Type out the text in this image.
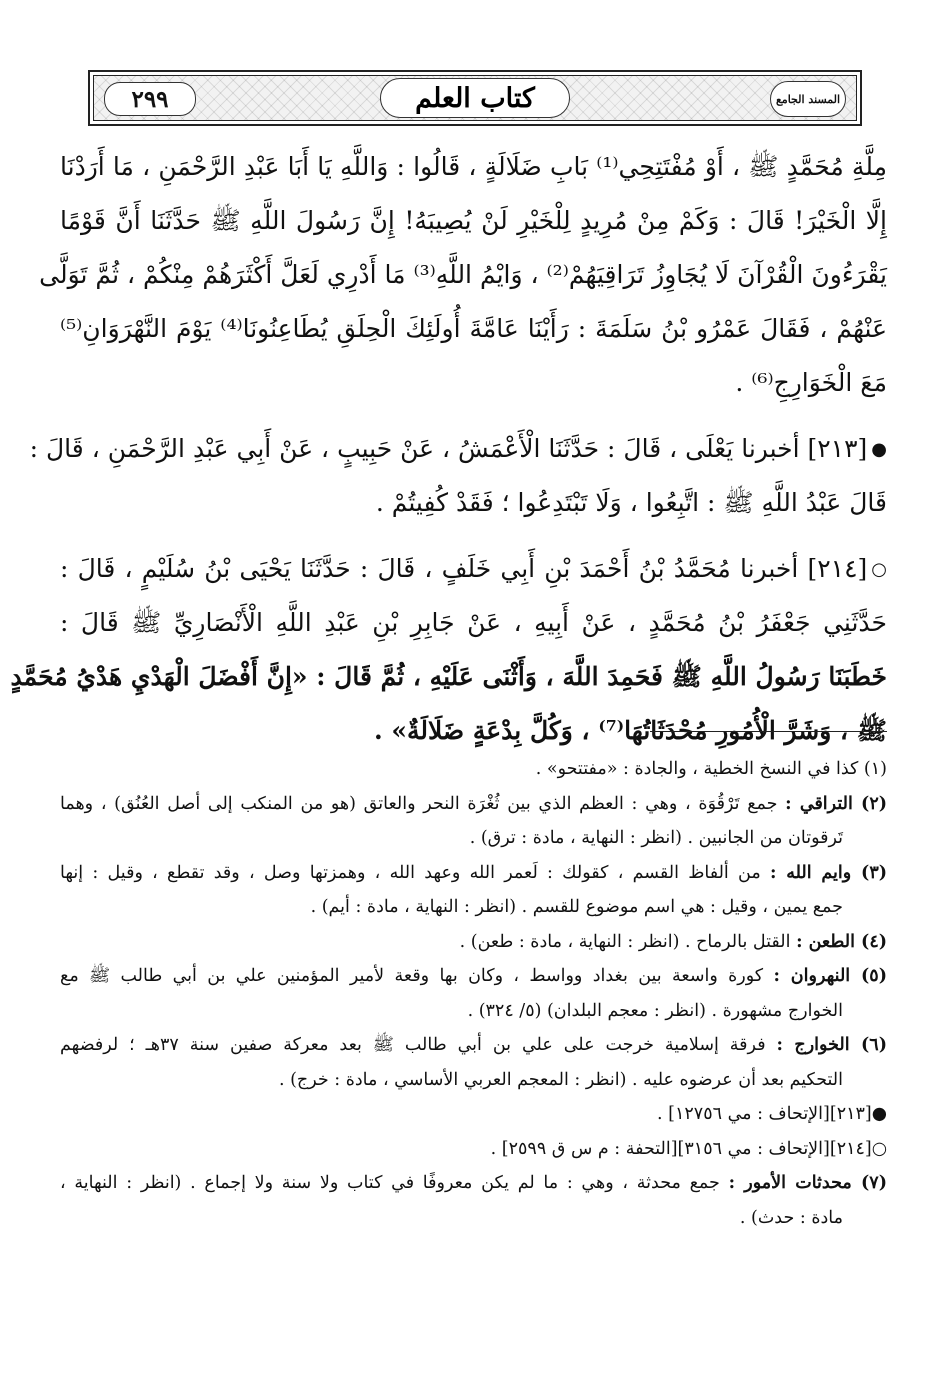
المسند الجامع
كتاب العلم
٢٩٩
مِلَّةِ مُحَمَّدٍ ﷺ ، أَوْ مُفْتَتِحِي⁽¹⁾ بَابِ ضَلَالَةٍ ، قَالُوا : وَاللَّهِ يَا أَبَا عَبْدِ الرَّحْمَنِ ، مَا أَرَدْنَا
إِلَّا الْخَيْرَ! قَالَ : وَكَمْ مِنْ مُرِيدٍ لِلْخَيْرِ لَنْ يُصِيبَهُ! إِنَّ رَسُولَ اللَّهِ ﷺ حَدَّثَنَا أَنَّ قَوْمًا
يَقْرَءُونَ الْقُرْآنَ لَا يُجَاوِزُ تَرَاقِيَهُمْ⁽²⁾ ، وَايْمُ اللَّهِ⁽³⁾ مَا أَدْرِي لَعَلَّ أَكْثَرَهُمْ مِنْكُمْ ، ثُمَّ تَوَلَّى
عَنْهُمْ ، فَقَالَ عَمْرُو بْنُ سَلَمَةَ : رَأَيْنَا عَامَّةَ أُولَئِكَ الْحِلَقِ يُطَاعِنُونَا⁽⁴⁾ يَوْمَ النَّهْرَوَانِ⁽⁵⁾
مَعَ الْخَوَارِجِ⁽⁶⁾ .
●
[٢١٣] أخبرنا يَعْلَى ، قَالَ : حَدَّثَنَا الْأَعْمَشُ ، عَنْ حَبِيبٍ ، عَنْ أَبِي عَبْدِ الرَّحْمَنِ ، قَالَ :
قَالَ عَبْدُ اللَّهِ ﷺ : اتَّبِعُوا ، وَلَا تَبْتَدِعُوا ؛ فَقَدْ كُفِيتُمْ .
○
[٢١٤] أخبرنا مُحَمَّدُ بْنُ أَحْمَدَ بْنِ أَبِي خَلَفٍ ، قَالَ : حَدَّثَنَا يَحْيَى بْنُ سُلَيْمٍ ، قَالَ :
حَدَّثَنِي جَعْفَرُ بْنُ مُحَمَّدٍ ، عَنْ أَبِيهِ ، عَنْ جَابِرِ بْنِ عَبْدِ اللَّهِ الْأَنْصَارِيِّ ﷺ قَالَ :
خَطَبَنَا رَسُولُ اللَّهِ ﷺ فَحَمِدَ اللَّهَ ، وَأَثْنَى عَلَيْهِ ، ثُمَّ قَالَ : «إِنَّ أَفْضَلَ الْهَدْيِ هَدْيُ مُحَمَّدٍ
ﷺ ، وَشَرَّ الْأُمُورِ مُحْدَثَاتُهَا⁽⁷⁾ ، وَكُلَّ بِدْعَةٍ ضَلَالَةٌ» .
(١) كذا في النسخ الخطية ، والجادة : «مفتتحو» .
(٢) التراقي : جمع تَرْقُوَة ، وهي : العظم الذي بين ثُغْرَة النحر والعاتق (هو من المنكب إلى أصل العُنُق) ، وهما
تَرقوتان من الجانبين . (انظر : النهاية ، مادة : ترق) .
(٣) وايم الله : من ألفاظ القسم ، كقولك : لَعمر الله وعهد الله ، وهمزتها وصل ، وقد تقطع ، وقيل : إنها
جمع يمين ، وقيل : هي اسم موضوع للقسم . (انظر : النهاية ، مادة : أيم) .
(٤) الطعن : القتل بالرماح . (انظر : النهاية ، مادة : طعن) .
(٥) النهروان : كورة واسعة بين بغداد وواسط ، وكان بها وقعة لأمير المؤمنين علي بن أبي طالب ﷺ مع
الخوارج مشهورة . (انظر : معجم البلدان) (٥/ ٣٢٤) .
(٦) الخوارج : فرقة إسلامية خرجت على علي بن أبي طالب ﷺ بعد معركة صفين سنة ٣٧هـ ؛ لرفضهم
التحكيم بعد أن عرضوه عليه . (انظر : المعجم العربي الأساسي ، مادة : خرج) .
●[٢١٣][الإتحاف : مي ١٢٧٥٦] .
○[٢١٤][الإتحاف : مي ٣١٥٦][التحفة : م س ق ٢٥٩٩] .
(٧) محدثات الأمور : جمع محدثة ، وهي : ما لم يكن معروفًا في كتاب ولا سنة ولا إجماع . (انظر : النهاية ،
مادة : حدث) .
